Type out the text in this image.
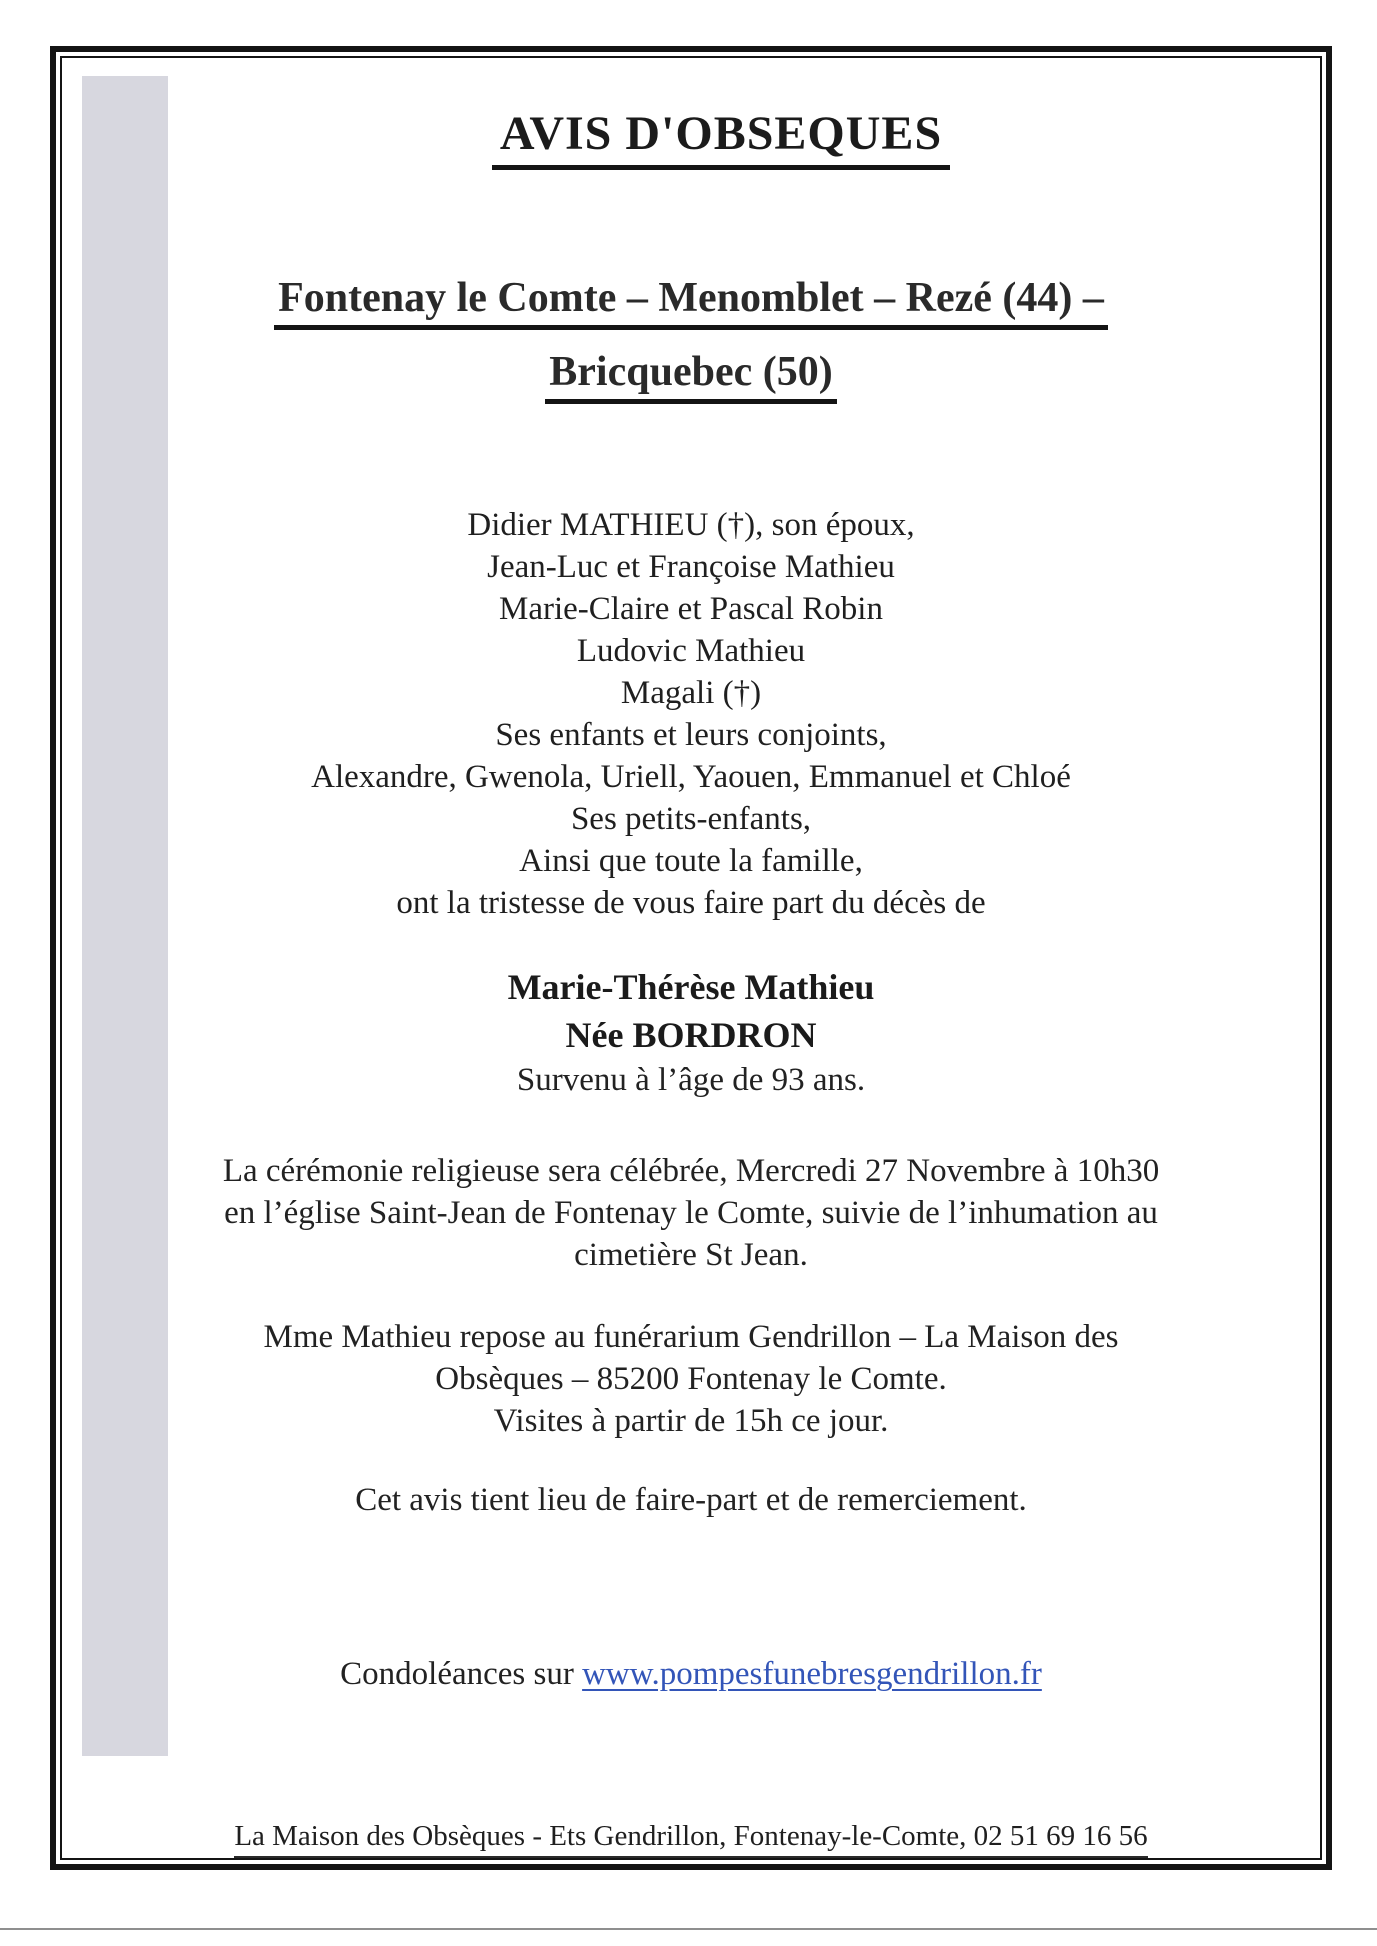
AVIS D'OBSEQUES
Fontenay le Comte – Menomblet – Rezé (44) –
Bricquebec (50)
Didier MATHIEU (†), son époux,
Jean-Luc et Françoise Mathieu
Marie-Claire et Pascal Robin
Ludovic Mathieu
Magali (†)
Ses enfants et leurs conjoints,
Alexandre, Gwenola, Uriell, Yaouen, Emmanuel et Chloé
Ses petits-enfants,
Ainsi que toute la famille,
ont la tristesse de vous faire part du décès de
Marie-Thérèse Mathieu
Née BORDRON
Survenu à l’âge de 93 ans.
La cérémonie religieuse sera célébrée, Mercredi 27 Novembre à 10h30
en l’église Saint-Jean de Fontenay le Comte, suivie de l’inhumation au
cimetière St Jean.
Mme Mathieu repose au funérarium Gendrillon – La Maison des
Obsèques – 85200 Fontenay le Comte.
Visites à partir de 15h ce jour.
Cet avis tient lieu de faire-part et de remerciement.
Condoléances sur www.pompesfunebresgendrillon.fr
La Maison des Obsèques - Ets Gendrillon, Fontenay-le-Comte, 02 51 69 16 56
